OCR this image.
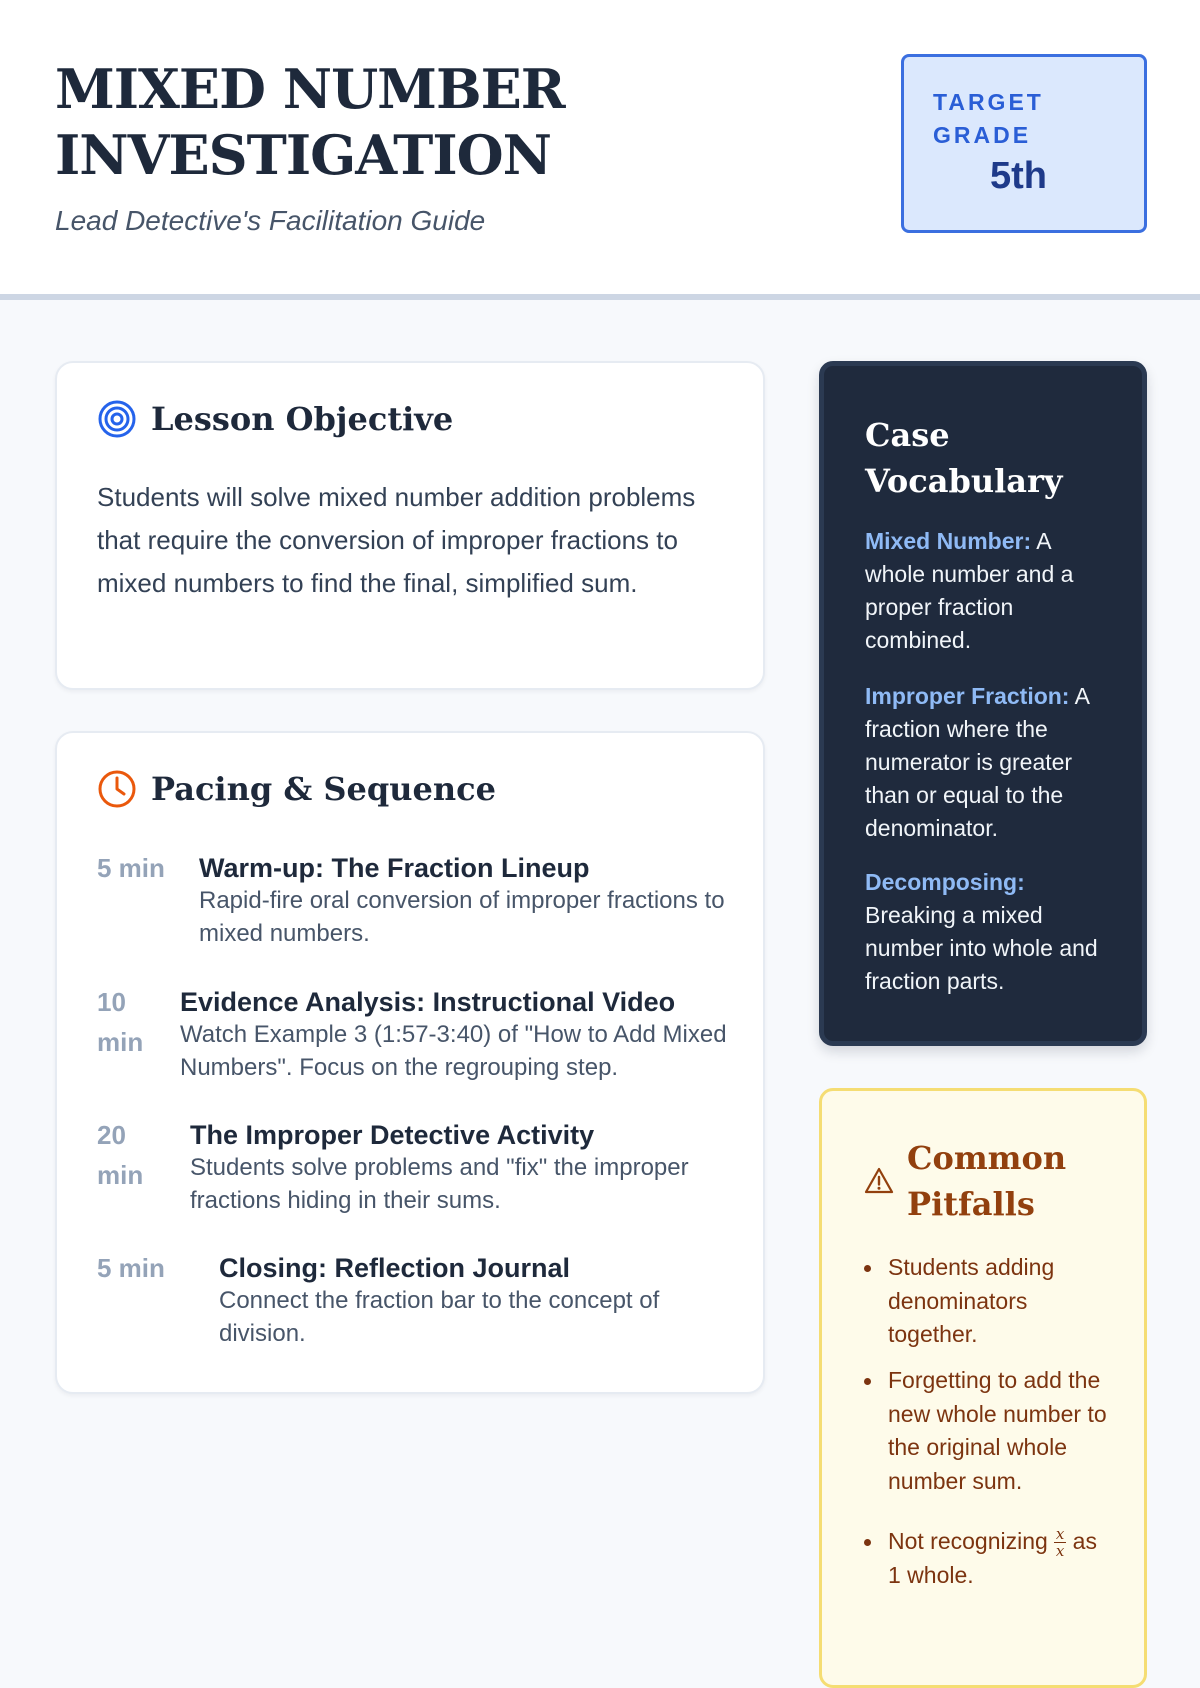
MIXED NUMBER INVESTIGATION
Lead Detective's Facilitation Guide
TARGET GRADE
5th
Lesson Objective

Students will solve mixed number addition problems that require the conversion of improper fractions to mixed numbers to find the final, simplified sum.

Pacing & Sequence
5 min	Warm-up: The Fraction Lineup
Rapid-fire oral conversion of improper fractions to mixed numbers.
10 min
Evidence Analysis: Instructional Video
Watch Example 3 (1:57-3:40) of "How to Add Mixed Numbers". Focus on the regrouping step.
20 min
The Improper Detective Activity
Students solve problems and "fix" the improper fractions hiding in their sums.
5 min	Closing: Reflection Journal
Connect the fraction bar to the concept of division.
Case Vocabulary
Mixed Number: A whole number and a proper fraction combined.
Improper Fraction: A fraction where the numerator is greater than or equal to the denominator.
Decomposing: Breaking a mixed number into whole and fraction parts.
Common Pitfalls
Students adding denominators together.
Forgetting to add the new whole number to the original whole number sum.
Not recognizing $\frac{x}{x}$ as 1 whole.
